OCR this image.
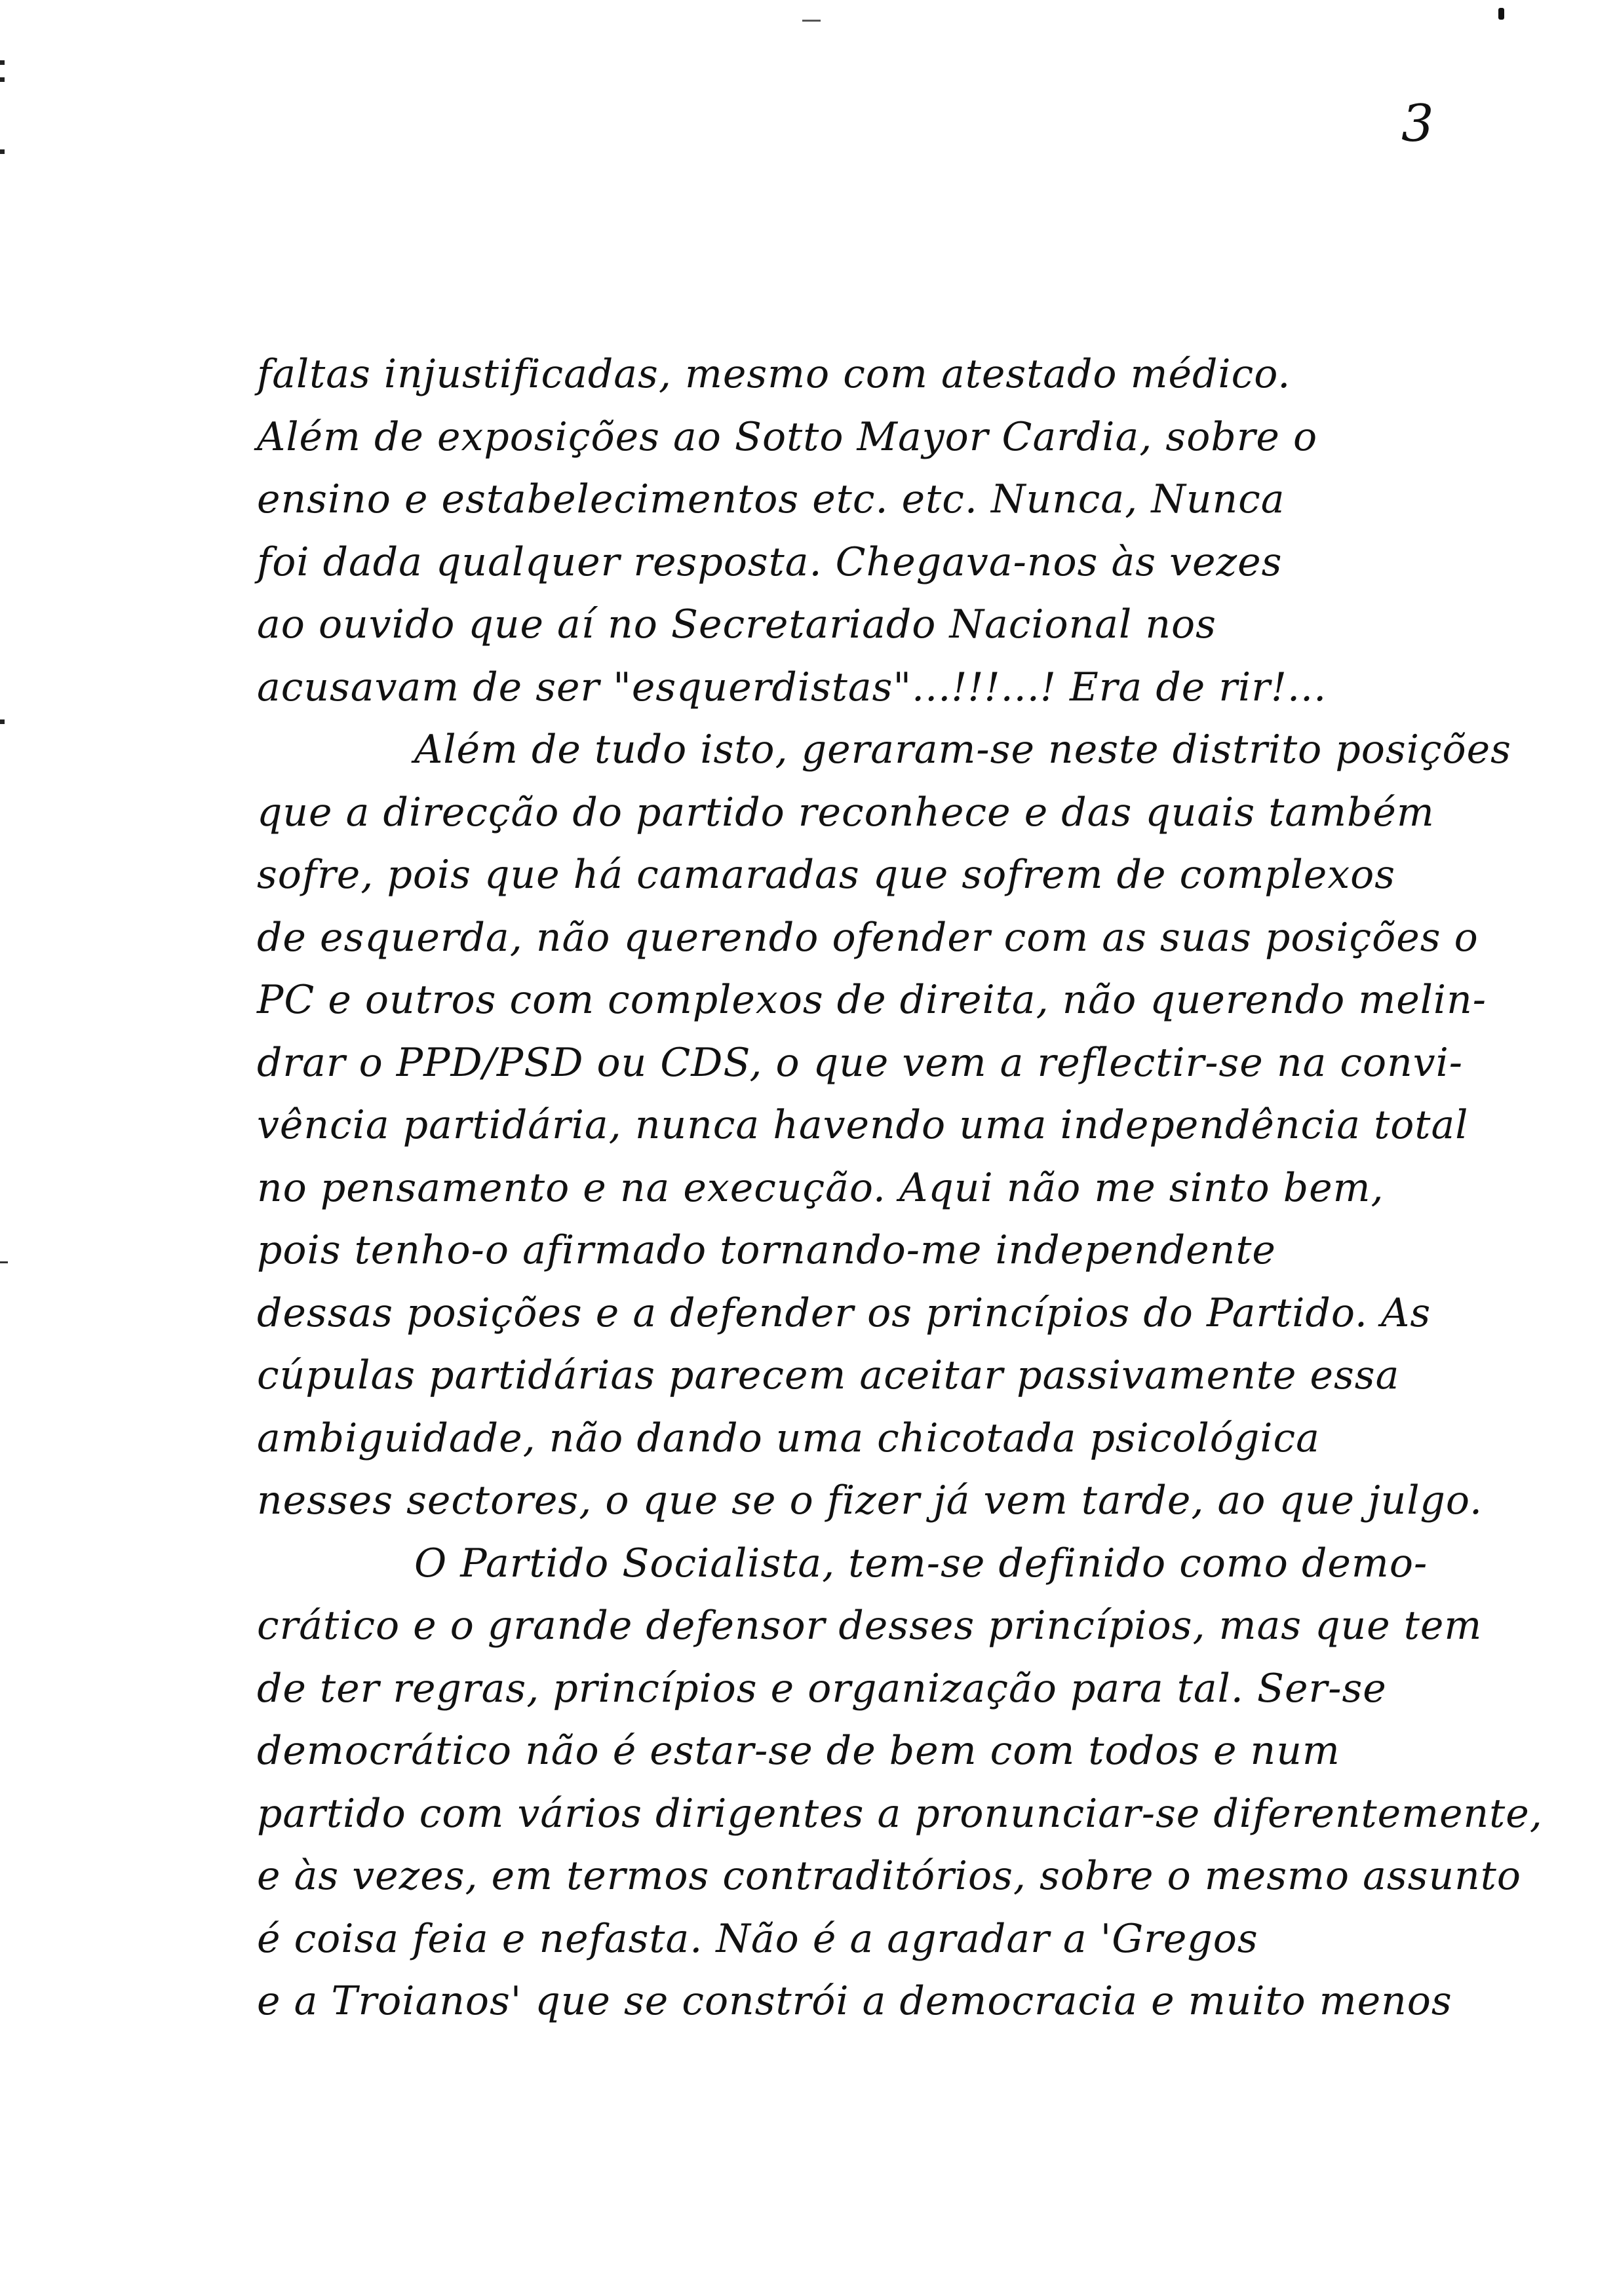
3
faltas injustificadas, mesmo com atestado médico.
Além de exposições ao Sotto Mayor Cardia, sobre o
ensino e estabelecimentos etc. etc. Nunca, Nunca
foi dada qualquer resposta. Chegava-nos às vezes
ao ouvido que aí no Secretariado Nacional nos
acusavam de ser "esquerdistas"...!!!...! Era de rir!...
Além de tudo isto, geraram-se neste distrito posições
que a direcção do partido reconhece e das quais também
sofre, pois que há camaradas que sofrem de complexos
de esquerda, não querendo ofender com as suas posições o
PC e outros com complexos de direita, não querendo melin-
drar o PPD/PSD ou CDS, o que vem a reflectir-se na convi-
vência partidária, nunca havendo uma independência total
no pensamento e na execução. Aqui não me sinto bem,
pois tenho-o afirmado tornando-me independente
dessas posições e a defender os princípios do Partido. As
cúpulas partidárias parecem aceitar passivamente essa
ambiguidade, não dando uma chicotada psicológica
nesses sectores, o que se o fizer já vem tarde, ao que julgo.
O Partido Socialista, tem-se definido como demo-
crático e o grande defensor desses princípios, mas que tem
de ter regras, princípios e organização para tal. Ser-se
democrático não é estar-se de bem com todos e num
partido com vários dirigentes a pronunciar-se diferentemente,
e às vezes, em termos contraditórios, sobre o mesmo assunto
é coisa feia e nefasta. Não é a agradar a 'Gregos
e a Troianos' que se constrói a democracia e muito menos
